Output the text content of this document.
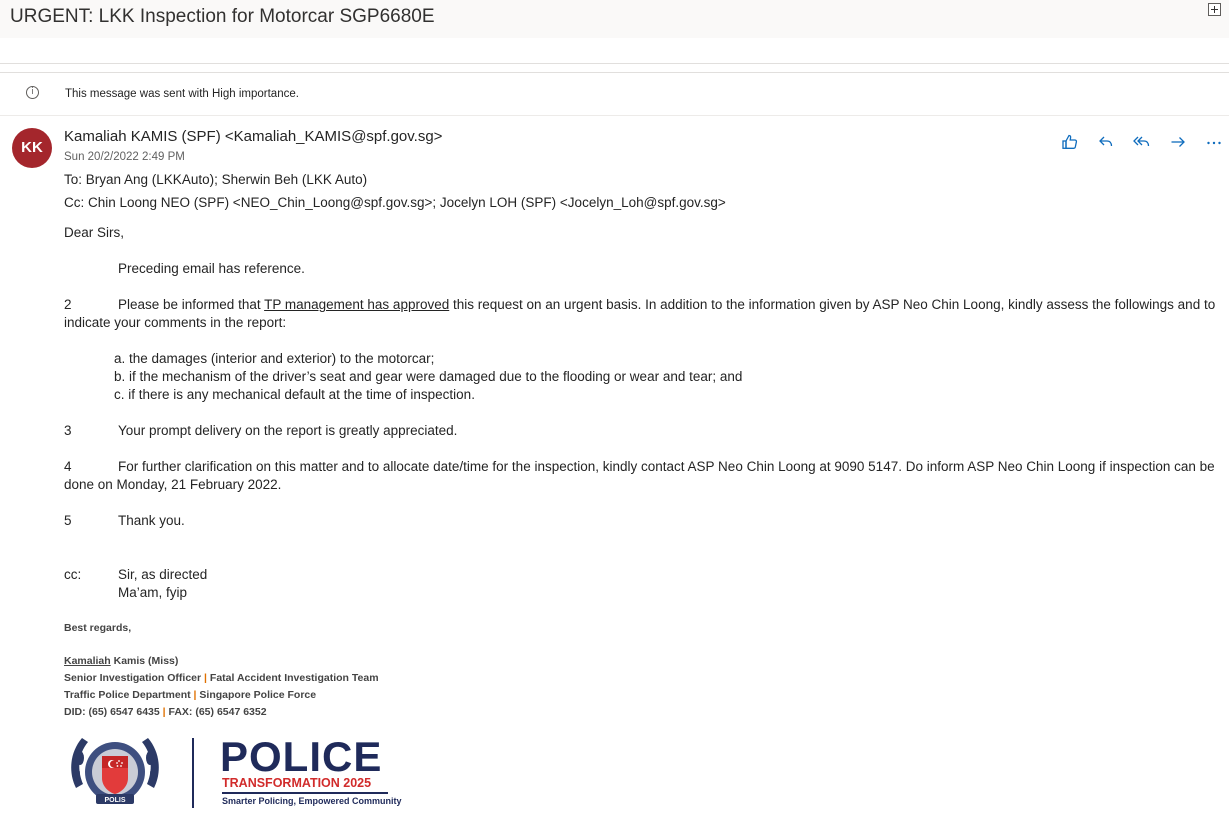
URGENT: LKK Inspection for Motorcar SGP6680E
i	This message was sent with High importance.
KK
Kamaliah KAMIS (SPF) <Kamaliah_KAMIS@spf.gov.sg>
Sun 20/2/2022 2:49 PM
To: Bryan Ang (LKKAuto); Sherwin Beh (LKK Auto)
Cc: Chin Loong NEO (SPF) <NEO_Chin_Loong@spf.gov.sg>; Jocelyn LOH (SPF) <Jocelyn_Loh@spf.gov.sg>
Dear Sirs,
Preceding email has reference.
2	Please be informed that TP management has approved this request on an urgent basis. In addition to the information given by ASP Neo Chin Loong, kindly assess the followings and to
indicate your comments in the report:
a. the damages (interior and exterior) to the motorcar;
b. if the mechanism of the driver’s seat and gear were damaged due to the flooding or wear and tear; and
c. if there is any mechanical default at the time of inspection.
3	Your prompt delivery on the report is greatly appreciated.
4	For further clarification on this matter and to allocate date/time for the inspection, kindly contact ASP Neo Chin Loong at 9090 5147. Do inform ASP Neo Chin Loong if inspection can be
done on Monday, 21 February 2022.
5	Thank you.
cc:	Sir, as directed
Ma’am, fyip
Best regards,
Kamaliah Kamis (Miss)
Senior Investigation Officer | Fatal Accident Investigation Team
Traffic Police Department | Singapore Police Force
DID: (65) 6547 6435 | FAX: (65) 6547 6352
POLIS
POLICE
TRANSFORMATION 2025
Smarter Policing, Empowered Community
